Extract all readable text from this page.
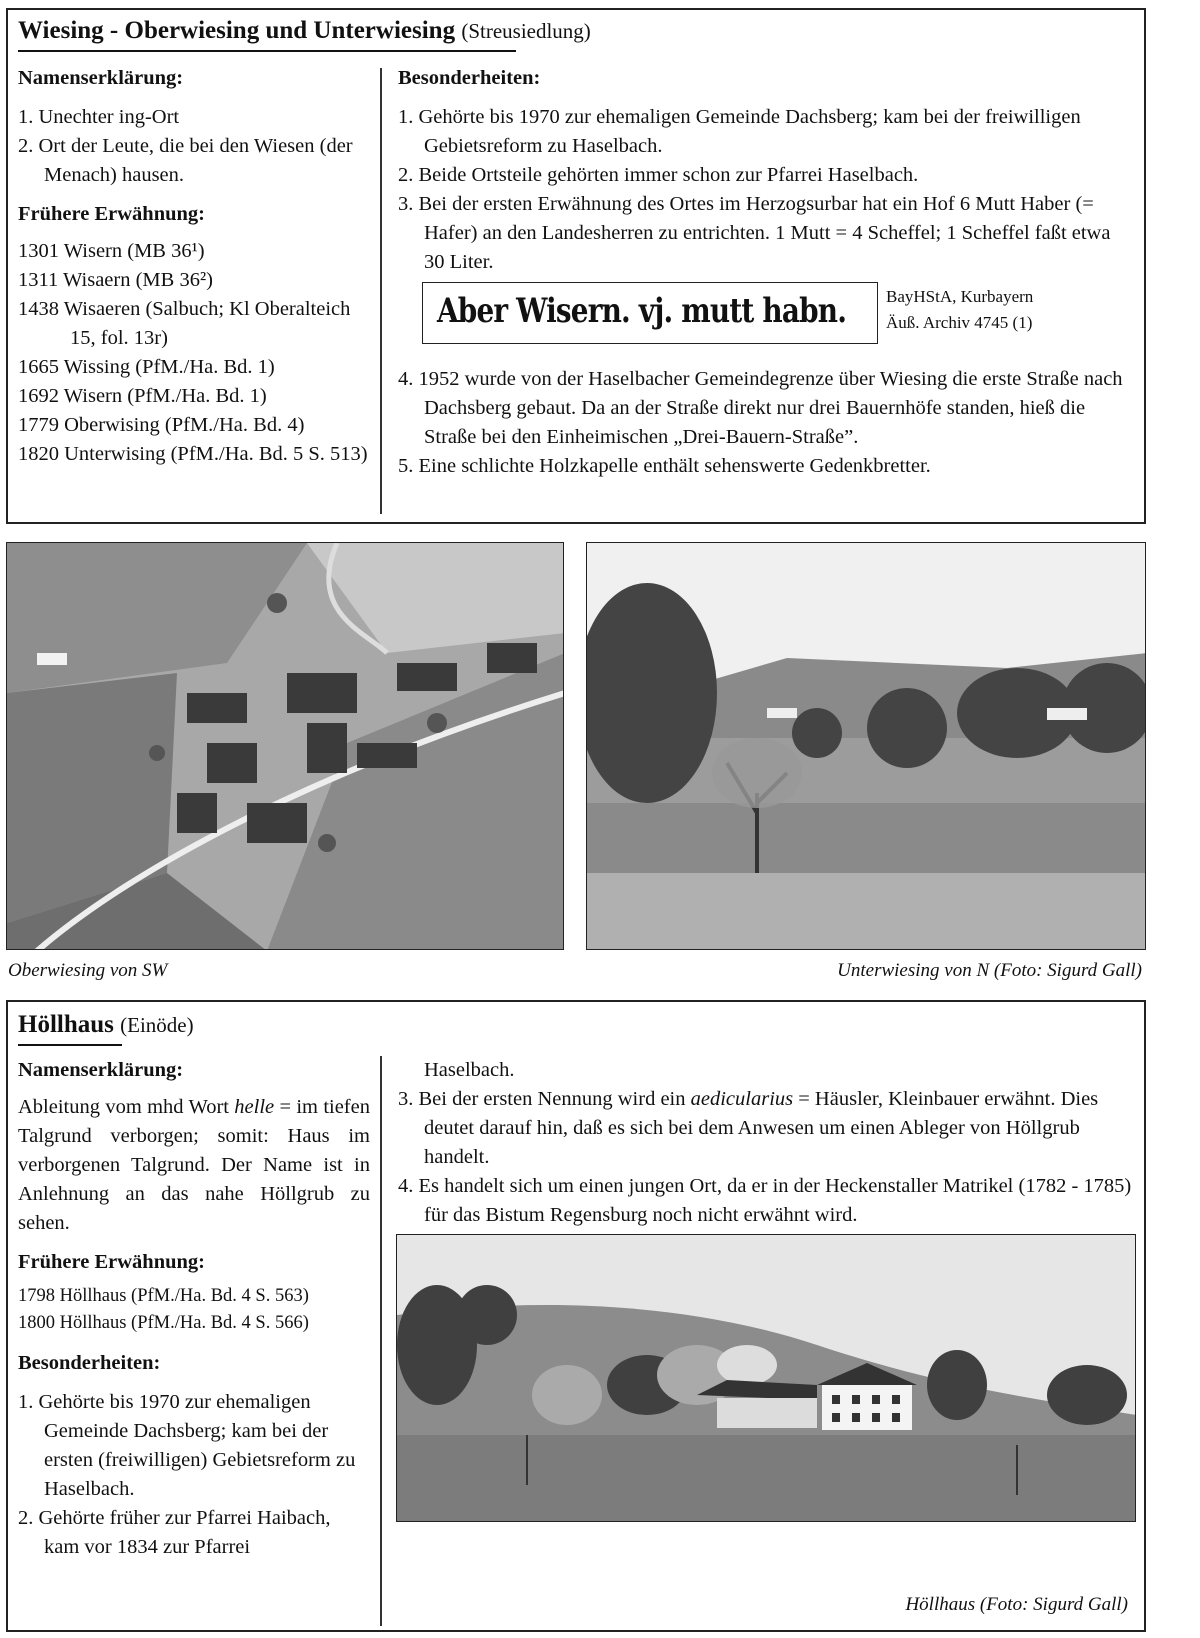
Wiesing - Oberwiesing und Unterwiesing (Streusiedlung)

Namenserklärung:

1. Unechter ing-Ort
2. Ort der Leute, die bei den Wiesen (der Menach) hausen.

Frühere Erwähnung:

1301 Wisern (MB 36¹)
1311 Wisaern (MB 36²)
1438 Wisaeren (Salbuch; Kl Oberalteich 15, fol. 13r)
1665 Wissing (PfM./Ha. Bd. 1)
1692 Wisern (PfM./Ha. Bd. 1)
1779 Oberwising (PfM./Ha. Bd. 4)
1820 Unterwising (PfM./Ha. Bd. 5 S. 513)

Besonderheiten:

1. Gehörte bis 1970 zur ehemaligen Gemeinde Dachsberg; kam bei der freiwilligen Gebietsreform zu Haselbach.
2. Beide Ortsteile gehörten immer schon zur Pfarrei Haselbach.
3. Bei der ersten Erwähnung des Ortes im Herzogsurbar hat ein Hof 6 Mutt Haber (= Hafer) an den Landesherren zu entrichten. 1 Mutt = 4 Scheffel; 1 Scheffel faßt etwa 30 Liter.
Aber Wisern. vj. mutt habn. BayHStA, Kurbayern
Äuß. Archiv 4745 (1)
4. 1952 wurde von der Haselbacher Gemeindegrenze über Wiesing die erste Straße nach Dachsberg gebaut. Da an der Straße direkt nur drei Bauernhöfe standen, hieß die Straße bei den Einheimischen „Drei-Bauern-Straße”.
5. Eine schlichte Holzkapelle enthält sehenswerte Gedenkbretter.
Oberwiesing von SW	Unterwiesing von N (Foto: Sigurd Gall)
Höllhaus (Einöde)

Namenserklärung:

Ableitung vom mhd Wort helle = im tiefen Talgrund verborgen; somit: Haus im verborgenen Talgrund. Der Name ist in Anlehnung an das nahe Höllgrub zu sehen.

Frühere Erwähnung:

1798 Höllhaus (PfM./Ha. Bd. 4 S. 563)
1800 Höllhaus (PfM./Ha. Bd. 4 S. 566)

Besonderheiten:

1. Gehörte bis 1970 zur ehemaligen Gemeinde Dachsberg; kam bei der ersten (freiwilligen) Gebietsreform zu Haselbach.
2. Gehörte früher zur Pfarrei Haibach, kam vor 1834 zur Pfarrei
Haselbach.
3. Bei der ersten Nennung wird ein aedicularius = Häusler, Kleinbauer erwähnt. Dies deutet darauf hin, daß es sich bei dem Anwesen um einen Ableger von Höllgrub handelt.
4. Es handelt sich um einen jungen Ort, da er in der Heckenstaller Matrikel (1782 - 1785) für das Bistum Regensburg noch nicht erwähnt wird.
Höllhaus (Foto: Sigurd Gall)
